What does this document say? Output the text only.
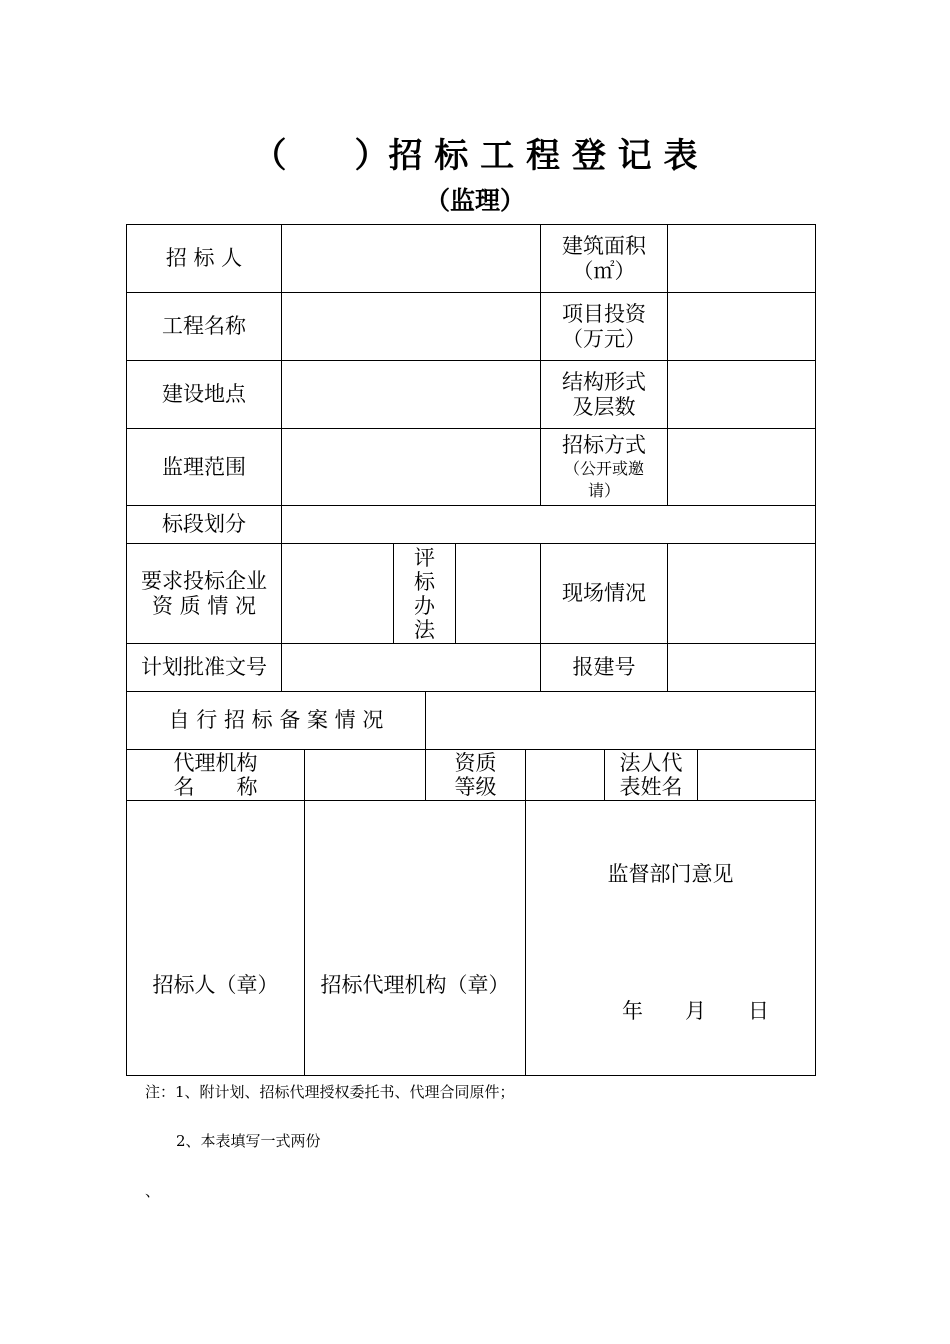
（　　）招 标 工 程 登 记 表
（监理）
招 标 人
建筑面积
（㎡）
工程名称
项目投资
（万元）
建设地点
结构形式
及层数
监理范围
招标方式
（公开或邀
请）
标段划分
要求投标企业
资 质 情 况
评
标
办
法
现场情况
计划批准文号	报建号
自 行 招 标 备 案 情 况
代理机构
名　　称
资质
等级
法人代
表姓名
招标人（章） 招标代理机构（章）
监督部门意见
年　　月　　日
注：1、附计划、招标代理授权委托书、代理合同原件；
2、本表填写一式两份
、
